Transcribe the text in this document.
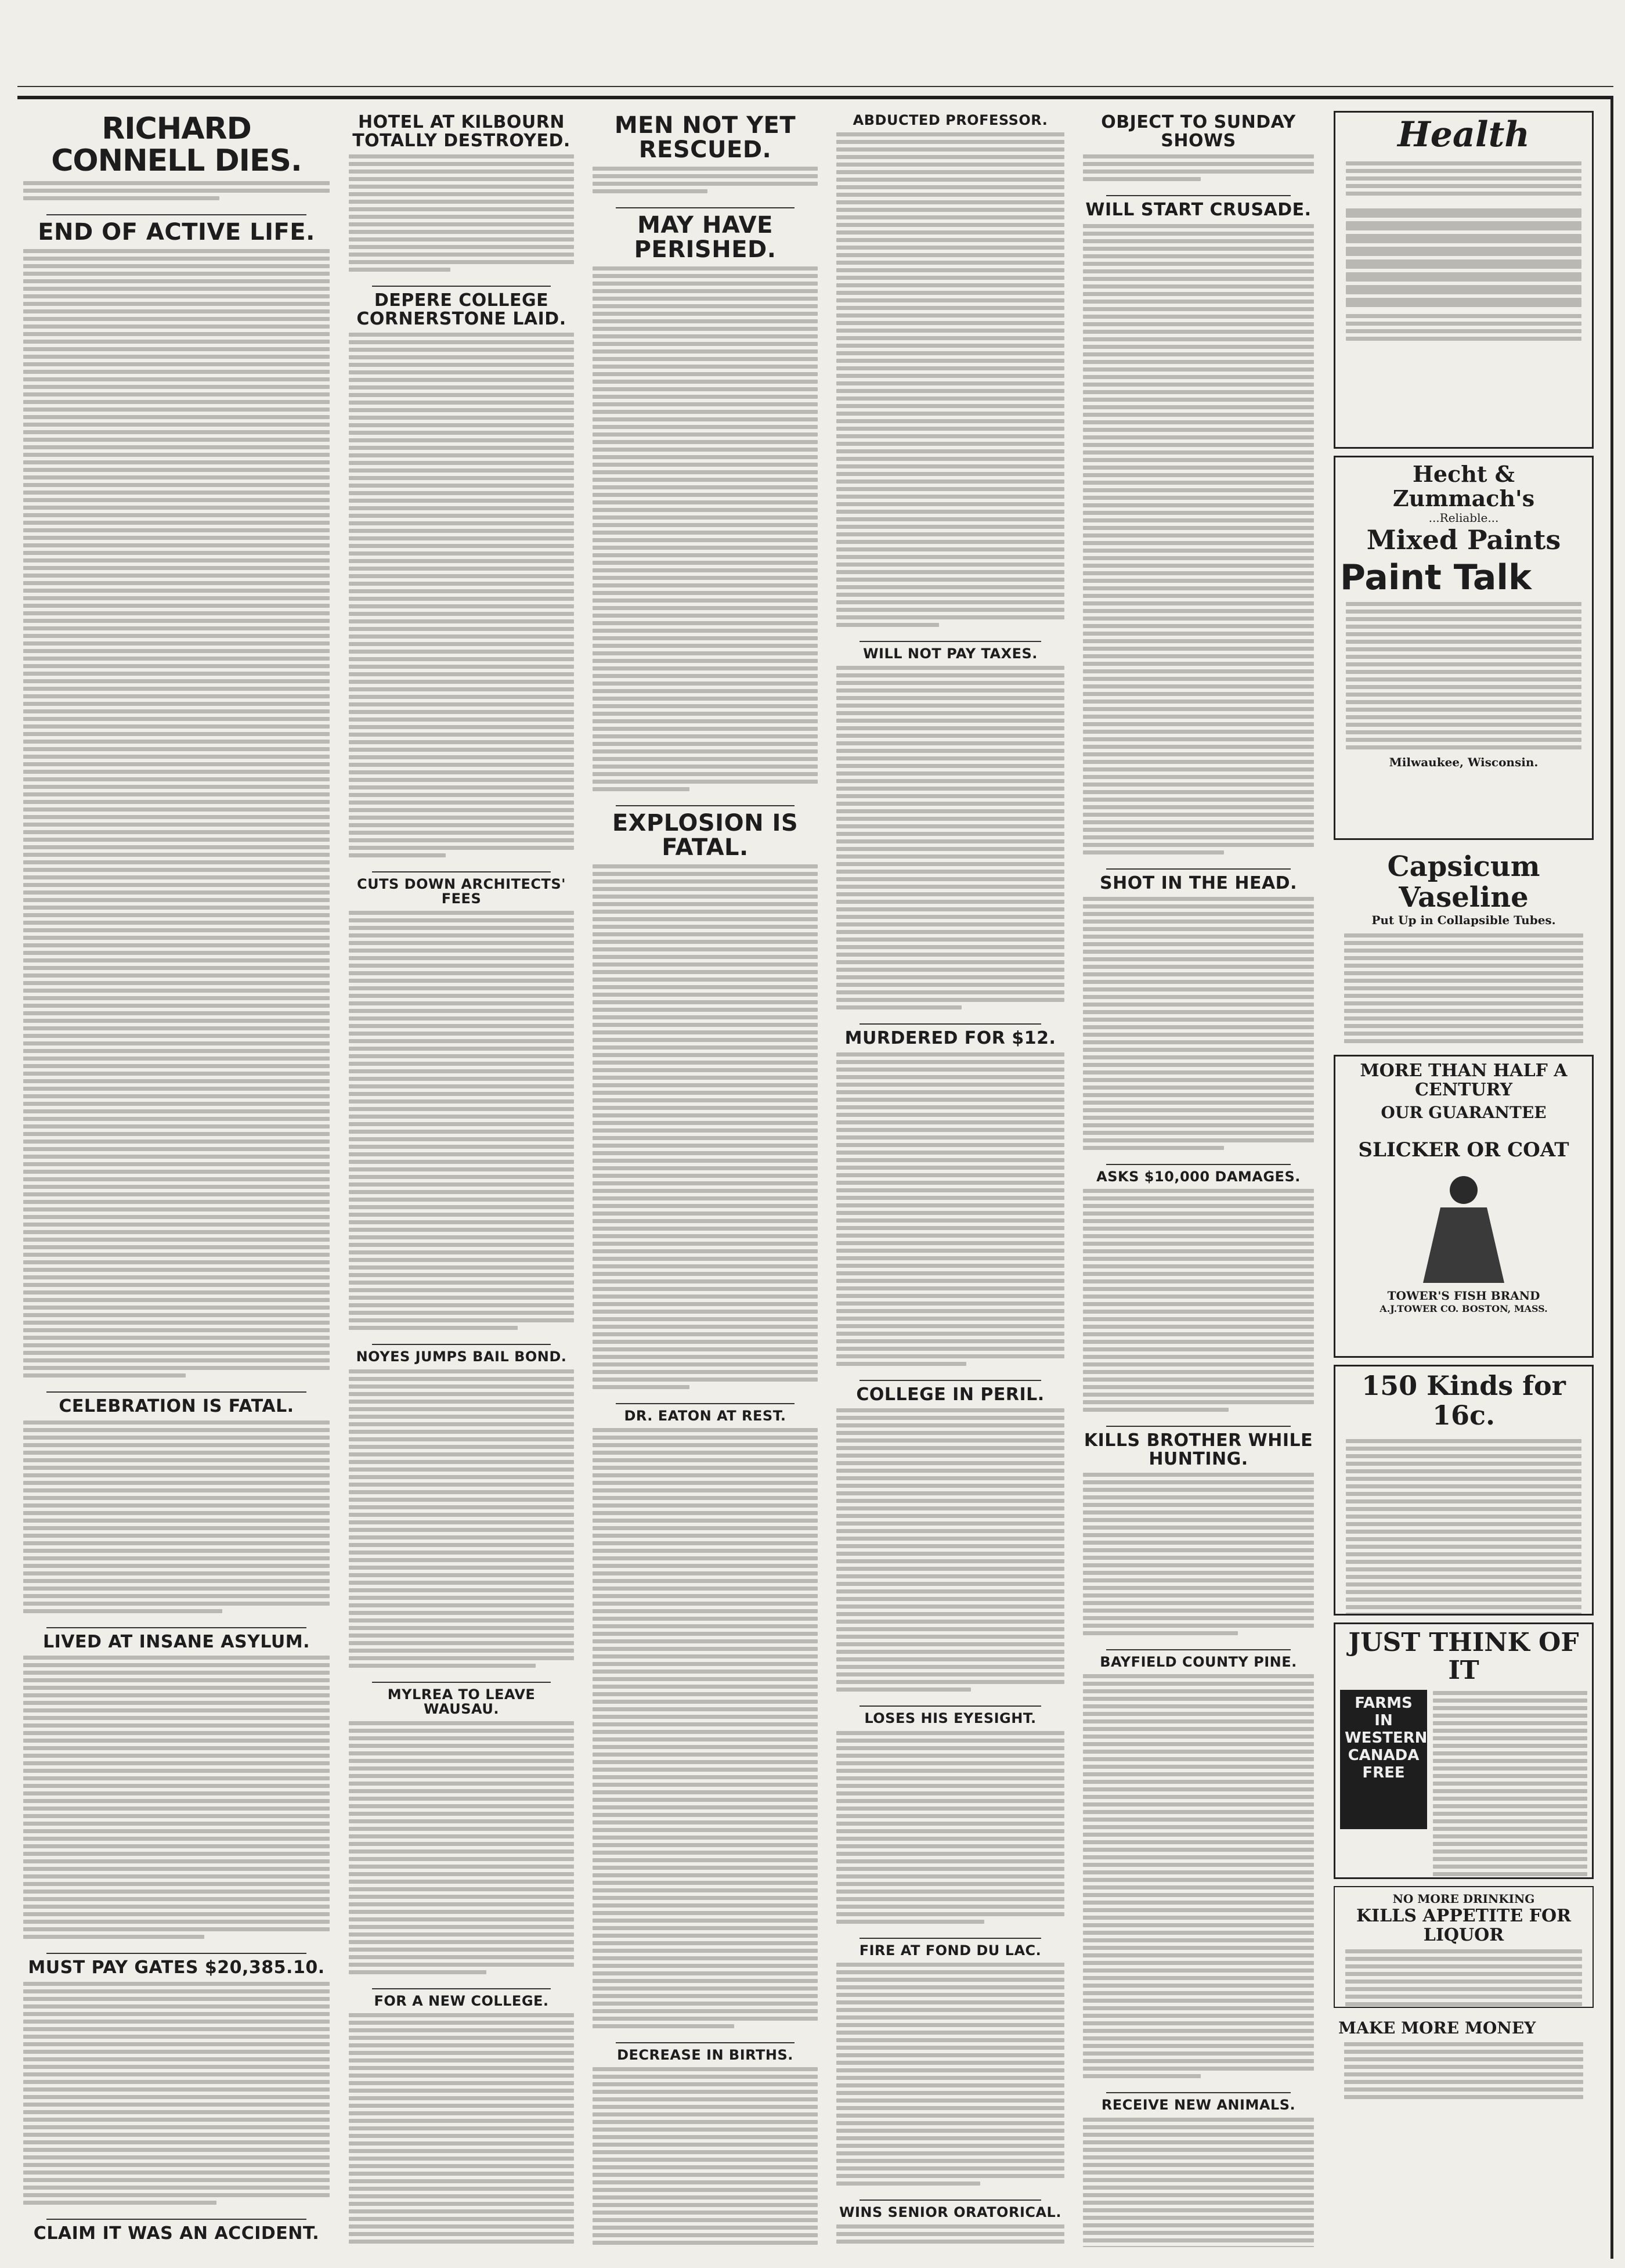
RICHARD CONNELL DIES.
END OF ACTIVE LIFE.
CELEBRATION IS FATAL.
LIVED AT INSANE ASYLUM.
MUST PAY GATES $20,385.10.
CLAIM IT WAS AN ACCIDENT.
HOTEL AT KILBOURN TOTALLY DESTROYED.
DEPERE COLLEGE CORNERSTONE LAID.
CUTS DOWN ARCHITECTS' FEES
NOYES JUMPS BAIL BOND.
MYLREA TO LEAVE WAUSAU.
FOR A NEW COLLEGE.
MEN NOT YET RESCUED.
MAY HAVE PERISHED.
EXPLOSION IS FATAL.
DR. EATON AT REST.
DECREASE IN BIRTHS.
ABDUCTED PROFESSOR.
WILL NOT PAY TAXES.
MURDERED FOR $12.
COLLEGE IN PERIL.
LOSES HIS EYESIGHT.
FIRE AT FOND DU LAC.
WINS SENIOR ORATORICAL.
OBJECT TO SUNDAY SHOWS
WILL START CRUSADE.
SHOT IN THE HEAD.
ASKS $10,000 DAMAGES.
KILLS BROTHER WHILE HUNTING.
BAYFIELD COUNTY PINE.
RECEIVE NEW ANIMALS.
Health
Hecht & Zummach's
...Reliable...
Mixed Paints
Paint Talk
Milwaukee, Wisconsin.
Capsicum Vaseline
Put Up in Collapsible Tubes.
MORE THAN HALF A CENTURY
OUR GUARANTEE
SLICKER OR COAT
TOWER'S FISH BRAND
A.J.TOWER CO. BOSTON, MASS.
150 Kinds for 16c.
JUST THINK OF IT
FARMS IN WESTERN CANADA FREE
NO MORE DRINKING
KILLS APPETITE FOR LIQUOR
MAKE MORE MONEY
